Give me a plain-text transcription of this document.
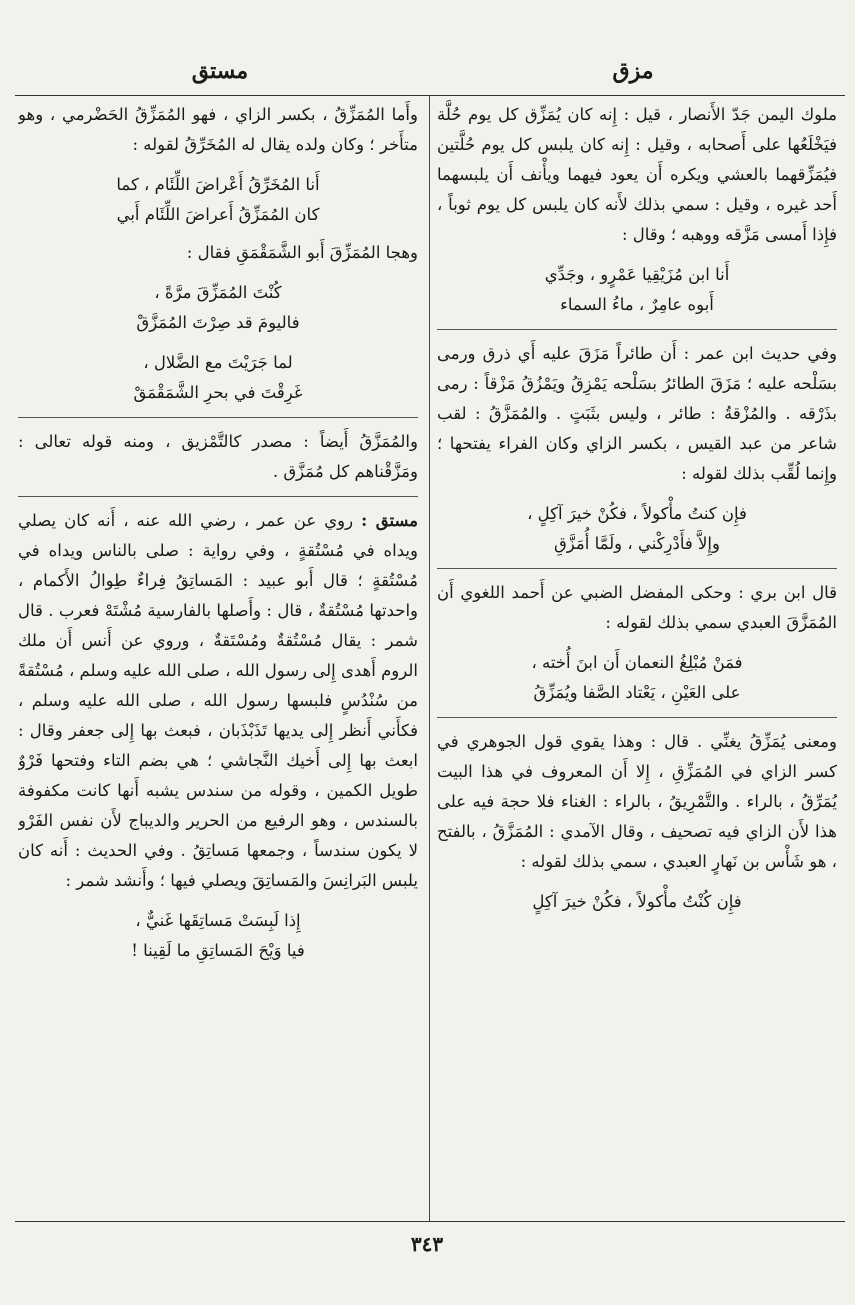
مزق
مستق

ملوك اليمن جَدّ الأَنصار ، قيل : إِنه كان يُمَزِّق كل يوم حُلَّة فيَخْلَعُها على أَصحابه ، وقيل : إِنه كان يلبس كل يوم حُلَّتين فيُمَزِّقهما بالعشي ويكره أَن يعود فيهما ويأْنف أَن يلبسهما أَحد غيره ، وقيل : سمي بذلك لأَنه كان يلبس كل يوم ثوباً ، فإِذا أَمسى مَزَّقه ووهبه ؛ وقال :

أَنا ابن مُزَيْقِيا عَمْرٍو ، وجَدِّي
أَبوه عامِرٌ ، ماءُ السماء

وفي حديث ابن عمر : أَن طائراً مَزَقَ عليه أَي ذرق ورمى بسَلْحه عليه ؛ مَزَقَ الطائرُ بسَلْحه يَمْزِقُ ويَمْزُقُ مَزْقاً : رمى بذَرْقه . والمُزْقةُ : طائر ، وليس بثَبَتٍ . والمُمَزَّقُ : لقب شاعر من عبد القيس ، بكسر الزاي وكان الفراء يفتحها ؛ وإِنما لُقِّب بذلك لقوله :

فإِن كنتُ مأْكولاً ، فكُنْ خيرَ آكِلٍ ،
وإِلاَّ فأَدْرِكْني ، ولَمَّا أُمَزَّقِ

قال ابن بري : وحكى المفضل الضبي عن أَحمد اللغوي أَن المُمَزَّقَ العبدي سمي بذلك لقوله :

فمَنْ مُبْلِغُ النعمان أَن ابنَ أُخته ،
على العَيْنِ ، يَعْتاد الصَّفا ويُمَزِّقُ

ومعنى يُمَزِّقُ يغنِّي . قال : وهذا يقوي قول الجوهري في كسر الزاي في المُمَزِّقِ ، إِلا أَن المعروف في هذا البيت يُمَرِّقُ ، بالراء . والتَّمْرِيقُ ، بالراء : الغناء فلا حجة فيه على هذا لأَن الزاي فيه تصحيف ، وقال الآمدي : المُمَزَّقُ ، بالفتح ، هو شَأْس بن نَهارٍ العبدي ، سمي بذلك لقوله :

فإِن كُنْتُ مأْكولاً ، فكُنْ خيرَ آكِلٍ

وأَما المُمَزِّقُ ، بكسر الزاي ، فهو المُمَزِّقُ الحَضْرمي ، وهو متأَخر ؛ وكان ولده يقال له المُخَرِّقُ لقوله :

أَنا المُخَرِّقُ أَعْراضَ اللِّئَام ، كما
كان المُمَزِّقُ أَعراضَ اللِّئَام أَبي

وهجا المُمَزِّقَ أَبو الشَّمَقْمَقِ فقال :

كُنْتَ المُمَزِّقَ مرَّةً ،
فاليومَ قد صِرْتَ المُمَزَّقْ
لما جَرَيْتَ مع الضَّلال ،
غَرِقْتَ في بحرِ الشَّمَقْمَقْ

والمُمَزَّقُ أَيضاً : مصدر كالتَّمْزيق ، ومنه قوله تعالى : ومَزَّقْناهم كل مُمَزَّق .

مستق : روي عن عمر ، رضي الله عنه ، أَنه كان يصلي ويداه في مُسْتُقةٍ ، وفي رواية : صلى بالناس ويداه في مُسْتُقةٍ ؛ قال أَبو عبيد : المَساتِقُ فِراءٌ طِوالُ الأَكمام ، واحدتها مُسْتُقةٌ ، قال : وأَصلها بالفارسية مُشْتَهْ فعرب . قال شمر : يقال مُسْتُقةٌ ومُسْتَقةٌ ، وروي عن أَنس أَن ملك الروم أَهدى إِلى رسول الله ، صلى الله عليه وسلم ، مُسْتُقةً من سُنْدُسٍ فلبسها رسول الله ، صلى الله عليه وسلم ، فكأَني أَنظر إِلى يديها تَذَبْذَبان ، فبعث بها إِلى جعفر وقال : ابعث بها إِلى أَخيك النَّجاشي ؛ هي بضم التاء وفتحها فَرْوٌ طويل الكمين ، وقوله من سندس يشبه أَنها كانت مكفوفة بالسندس ، وهو الرفيع من الحرير والديباج لأَن نفس الفَرْو لا يكون سندساً ، وجمعها مَساتِقُ . وفي الحديث : أَنه كان يلبس البَرانِسَ والمَساتِقَ ويصلي فيها ؛ وأَنشد شمر :

إِذا لَبِسَتْ مَساتِقَها غَنيٌّ ،
فيا وَيْحَ المَساتِقِ ما لَقِينا !
٣٤٣
